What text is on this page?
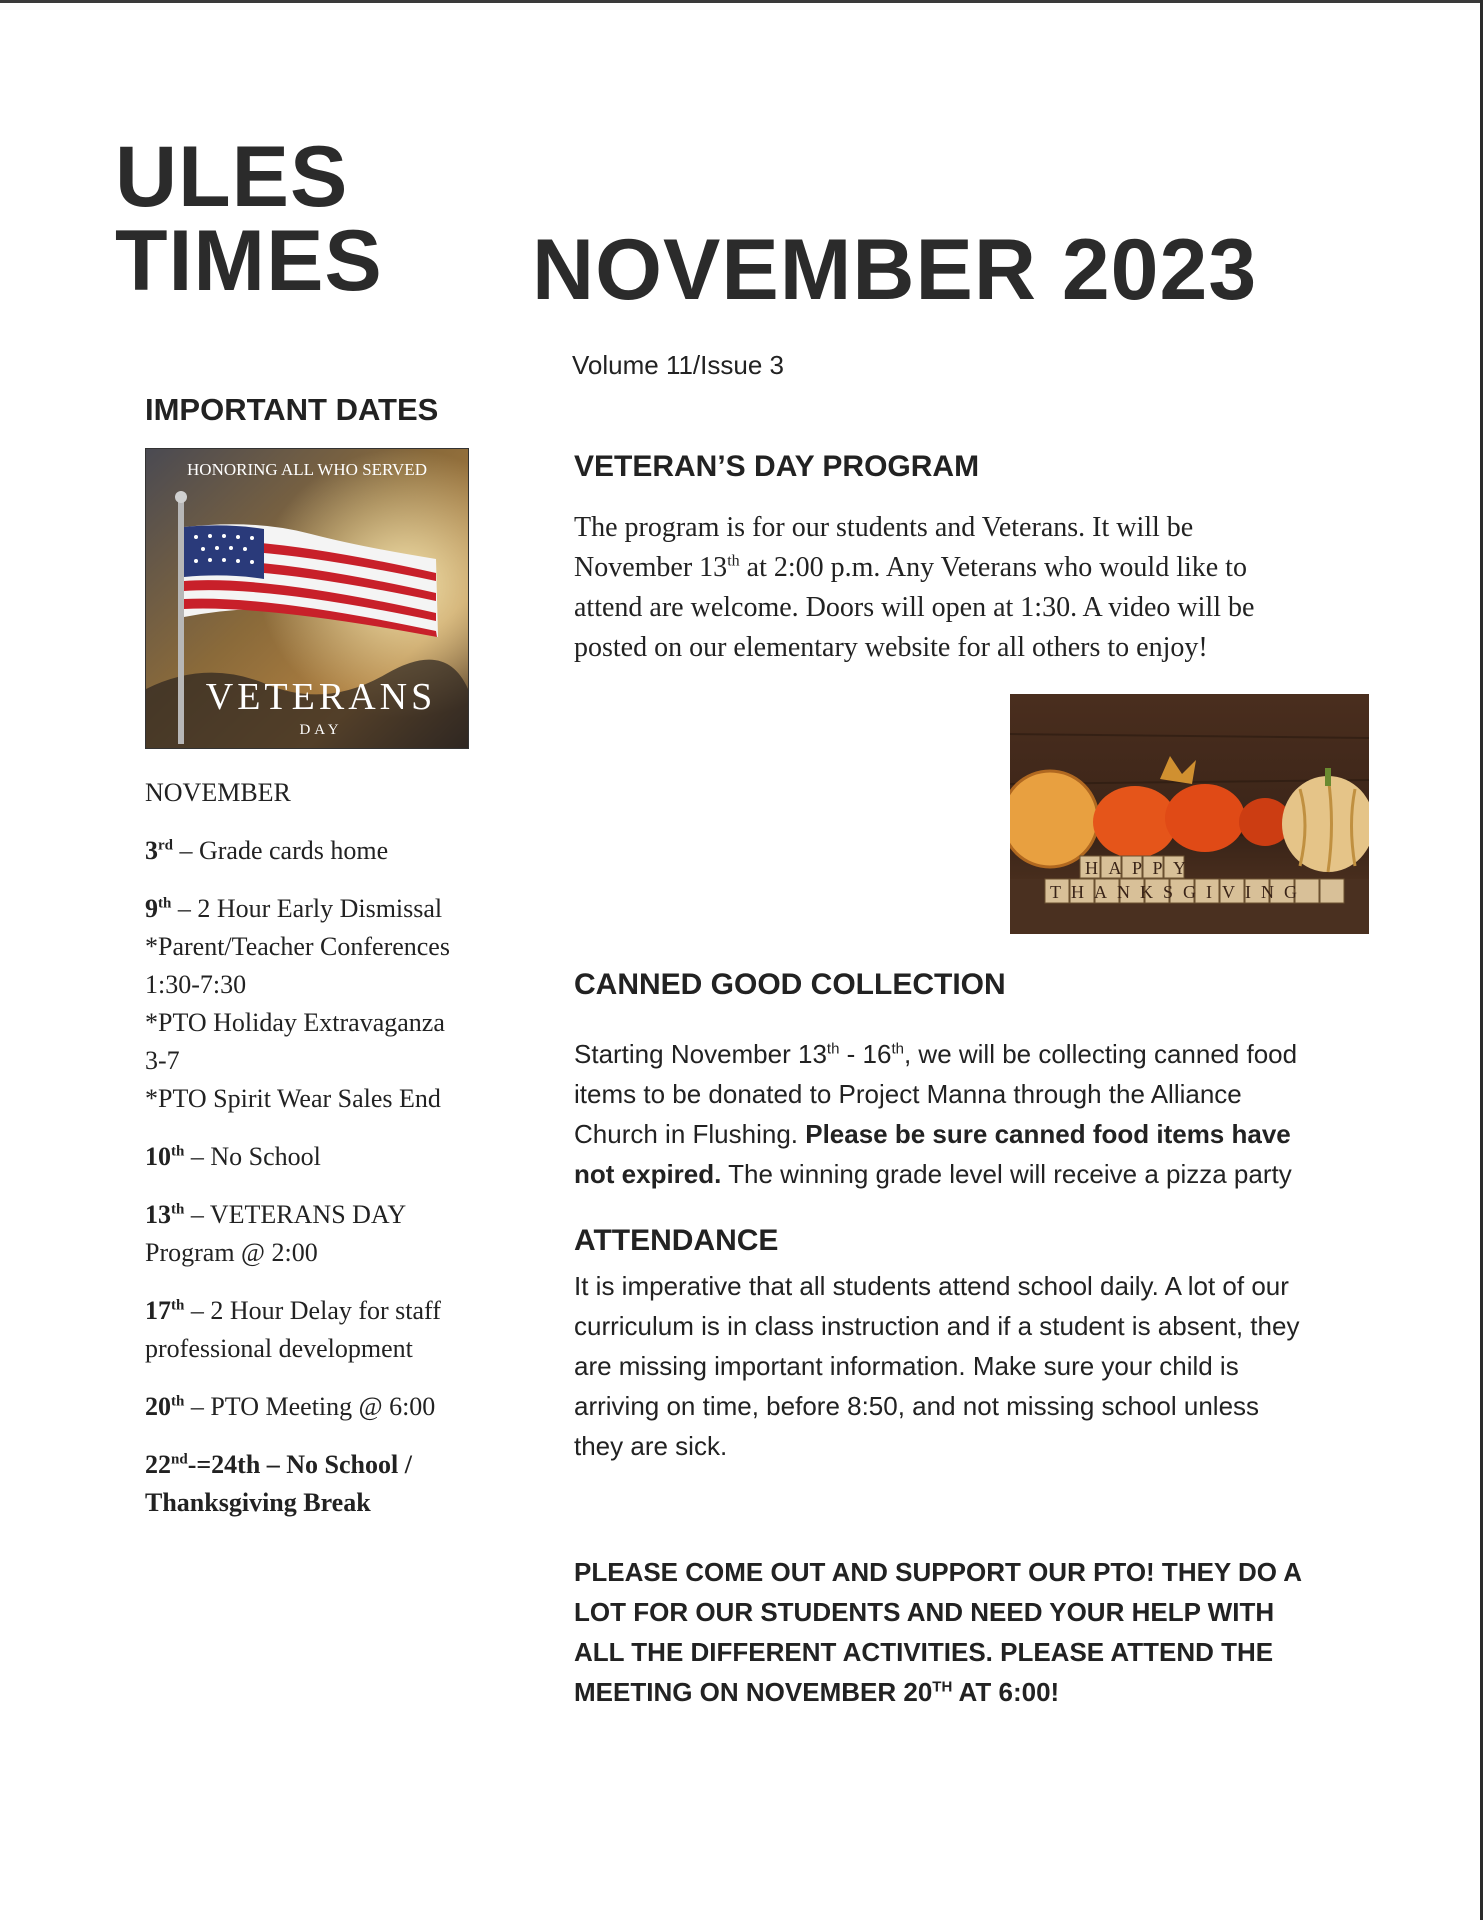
ULES
TIMES NOVEMBER 2023
Volume 11/Issue 3
IMPORTANT DATES
HONORING ALL WHO SERVED
VETERANS
DAY
NOVEMBER
3rd – Grade cards home
9th – 2 Hour Early Dismissal
*Parent/Teacher Conferences
1:30-7:30
*PTO Holiday Extravaganza
3-7
*PTO Spirit Wear Sales End
10th – No School
13th – VETERANS DAY
Program @ 2:00
17th – 2 Hour Delay for staff
professional development
20th – PTO Meeting @ 6:00
22nd-=24th – No School /
Thanksgiving Break
VETERAN’S DAY PROGRAM
The program is for our students and Veterans. It will be
November 13th at 2:00 p.m. Any Veterans who would like to
attend are welcome. Doors will open at 1:30. A video will be
posted on our elementary website for all others to enjoy!
HAPPY
THANKSGIVING
CANNED GOOD COLLECTION
Starting November 13th - 16th, we will be collecting canned food
items to be donated to Project Manna through the Alliance
Church in Flushing. Please be sure canned food items have
not expired. The winning grade level will receive a pizza party
ATTENDANCE
It is imperative that all students attend school daily. A lot of our
curriculum is in class instruction and if a student is absent, they
are missing important information. Make sure your child is
arriving on time, before 8:50, and not missing school unless
they are sick.
PLEASE COME OUT AND SUPPORT OUR PTO! THEY DO A
LOT FOR OUR STUDENTS AND NEED YOUR HELP WITH
ALL THE DIFFERENT ACTIVITIES. PLEASE ATTEND THE
MEETING ON NOVEMBER 20TH AT 6:00!
